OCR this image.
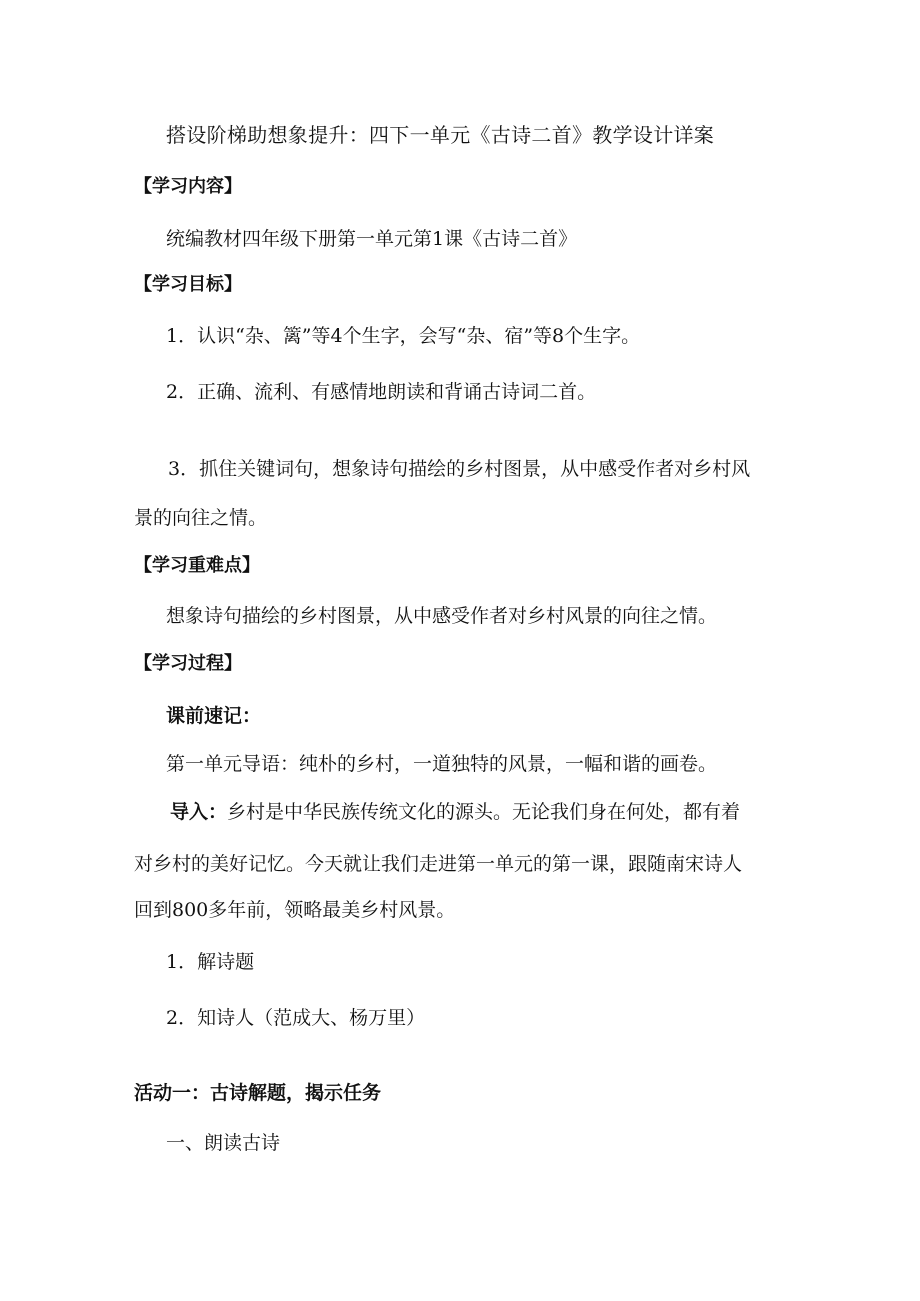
搭设阶梯助想象提升：四下一单元《古诗二首》教学设计详案
【学习内容】
统编教材四年级下册第一单元第1课《古诗二首》
【学习目标】
1．认识“杂、篱”等4个生字，会写“杂、宿”等8个生字。
2．正确、流利、有感情地朗读和背诵古诗词二首。
3．抓住关键词句，想象诗句描绘的乡村图景，从中感受作者对乡村风
景的向往之情。
【学习重难点】
想象诗句描绘的乡村图景，从中感受作者对乡村风景的向往之情。
【学习过程】
课前速记：
第一单元导语：纯朴的乡村，一道独特的风景，一幅和谐的画卷。
导入：乡村是中华民族传统文化的源头。无论我们身在何处，都有着
对乡村的美好记忆。今天就让我们走进第一单元的第一课，跟随南宋诗人
回到800多年前，领略最美乡村风景。
1．解诗题
2．知诗人（范成大、杨万里）
活动一：古诗解题，揭示任务
一、朗读古诗
